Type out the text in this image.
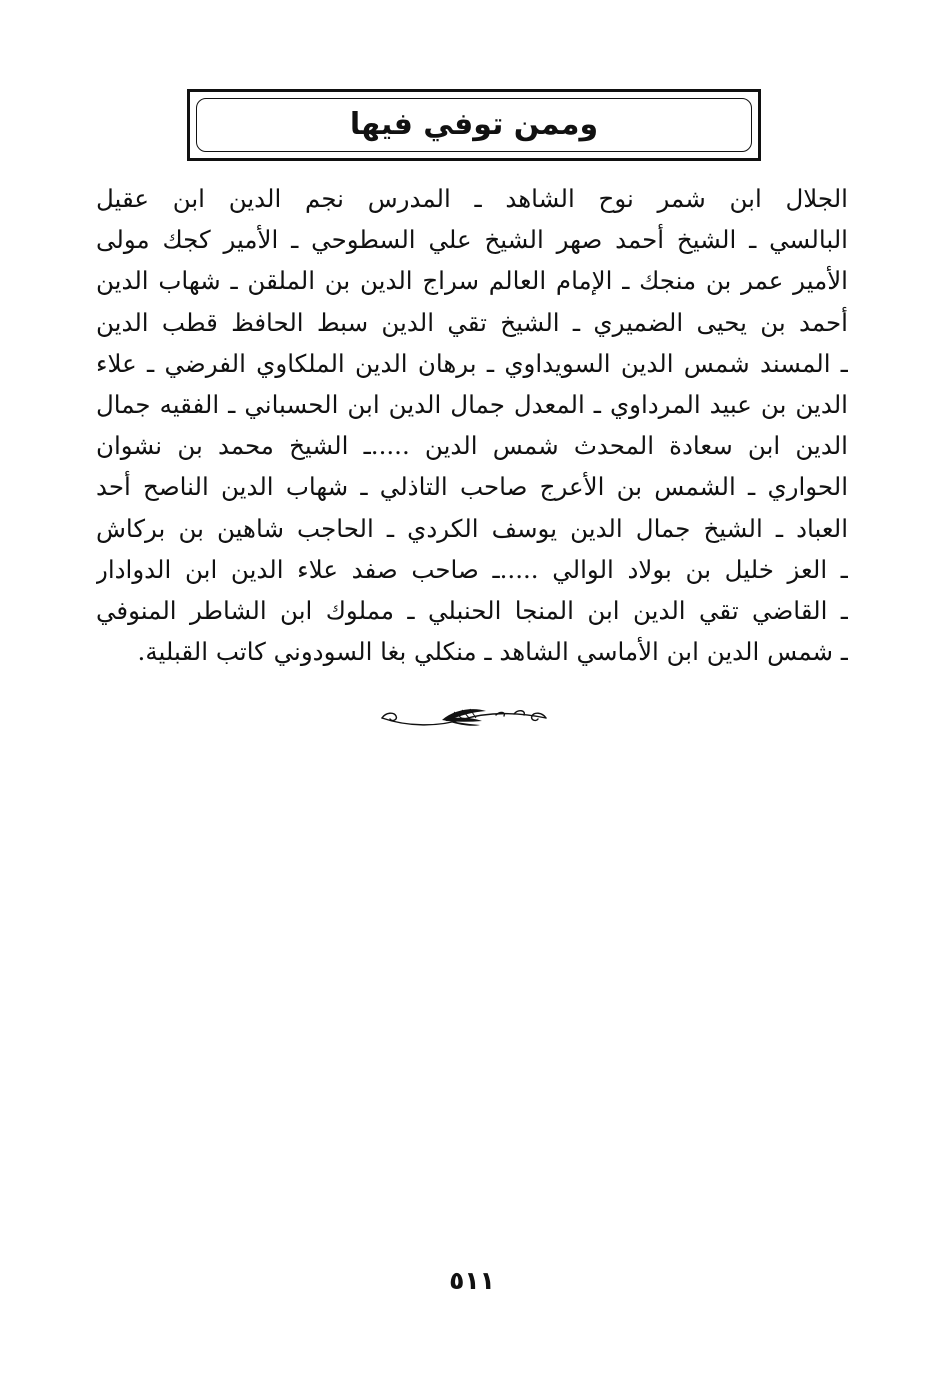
وممن توفي فيها
الجلال ابن شمر نوح الشاهد ـ المدرس نجم الدين ابن عقيل
البالسي ـ الشيخ أحمد صهر الشيخ علي السطوحي ـ الأمير كجك مولى
الأمير عمر بن منجك ـ الإمام العالم سراج الدين بن الملقن ـ شهاب الدين
أحمد بن يحيى الضميري ـ الشيخ تقي الدين سبط الحافظ قطب الدين
ـ المسند شمس الدين السويداوي ـ برهان الدين الملكاوي الفرضي ـ علاء
الدين بن عبيد المرداوي ـ المعدل جمال الدين ابن الحسباني ـ الفقيه جمال
الدين ابن سعادة المحدث شمس الدين .....ـ الشيخ محمد بن نشوان
الحواري ـ الشمس بن الأعرج صاحب التاذلي ـ شهاب الدين الناصح أحد
العباد ـ الشيخ جمال الدين يوسف الكردي ـ الحاجب شاهين بن بركاش
ـ العز خليل بن بولاد الوالي .....ـ صاحب صفد علاء الدين ابن الدوادار
ـ القاضي تقي الدين ابن المنجا الحنبلي ـ مملوك ابن الشاطر المنوفي
ـ شمس الدين ابن الأماسي الشاهد ـ منكلي بغا السودوني كاتب القبلية.
٥١١
